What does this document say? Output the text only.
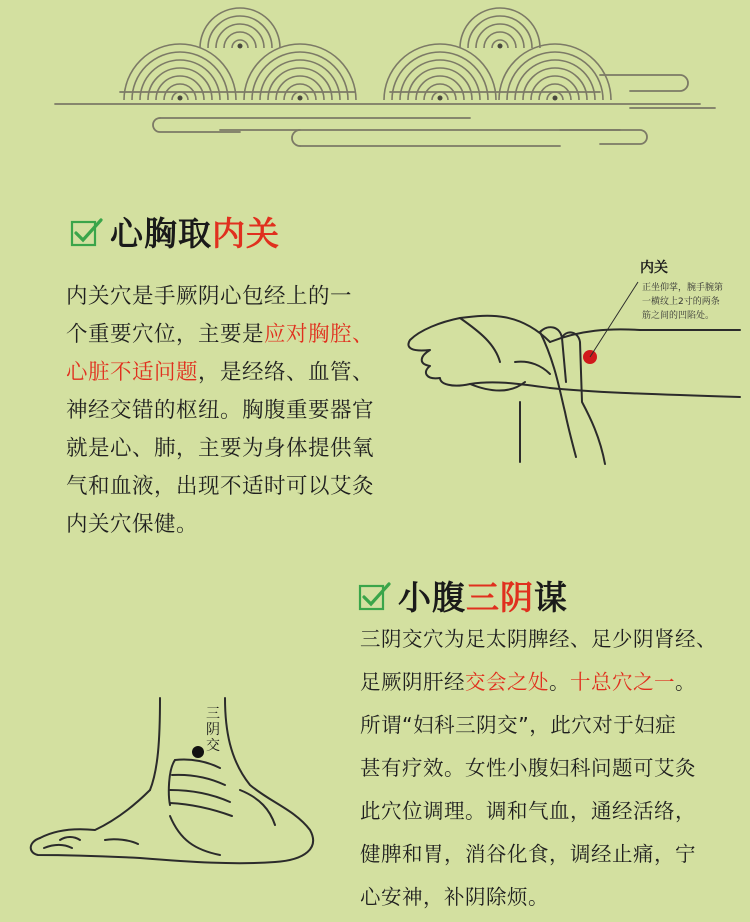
心胸取 内关

内关穴是手厥阴心包经上的一
个重要穴位，主要是应对胸腔、
心脏不适问题，是经络、血管、
神经交错的枢纽。胸腹重要器官
就是心、肺，主要为身体提供氧
气和血液，出现不适时可以艾灸
内关穴保健。

内关
正坐仰掌，腕手腕第
一横纹上2寸的两条
筋之间的凹陷处。
小腹 三阴 谋

三阴交穴为足太阴脾经、足少阴肾经、
足厥阴肝经交会之处。十总穴之一。
所谓“妇科三阴交”，此穴对于妇症
甚有疗效。女性小腹妇科问题可艾灸
此穴位调理。调和气血，通经活络，
健脾和胃，消谷化食，调经止痛，宁
心安神，补阴除烦。

三
阴
交
